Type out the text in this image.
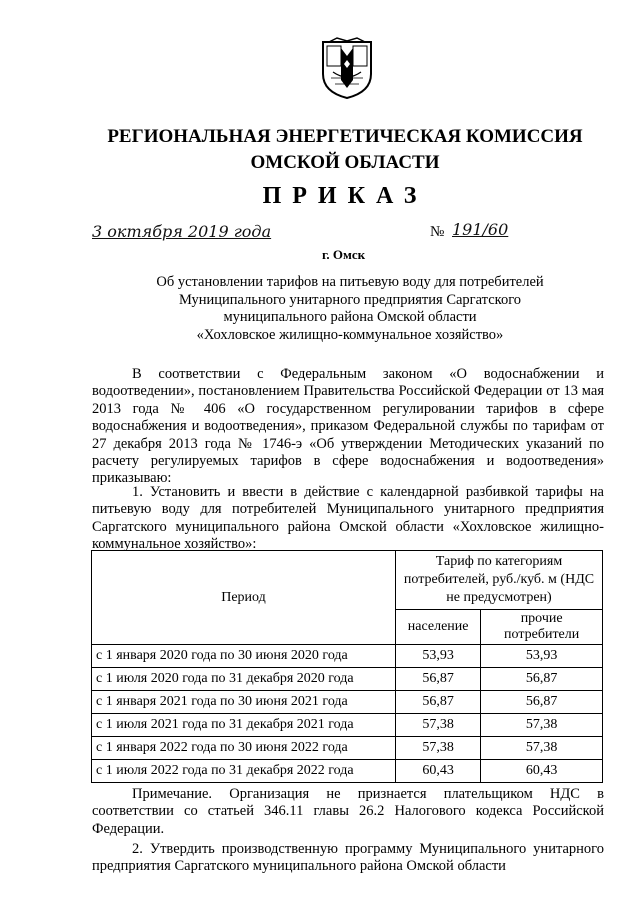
РЕГИОНАЛЬНАЯ ЭНЕРГЕТИЧЕСКАЯ КОМИССИЯ
ОМСКОЙ ОБЛАСТИ
ПРИКАЗ
3 октября 2019 года	№ 191/60
г. Омск
Об установлении тарифов на питьевую воду для потребителей
Муниципального унитарного предприятия Саргатского
муниципального района Омской области
«Хохловское жилищно-коммунальное хозяйство»
В соответствии с Федеральным законом «О водоснабжении и водоотведении», постановлением Правительства Российской Федерации от 13 мая 2013 года № 406 «О государственном регулировании тарифов в сфере водоснабжения и водоотведения», приказом Федеральной службы по тарифам от 27 декабря 2013 года № 1746-э «Об утверждении Методических указаний по расчету регулируемых тарифов в сфере водоснабжения и водоотведения» приказываю:
1. Установить и ввести в действие с календарной разбивкой тарифы на питьевую воду для потребителей Муниципального унитарного предприятия Саргатского муниципального района Омской области «Хохловское жилищно-коммунальное хозяйство»:
Период	Тариф по категориям потребителей, руб./куб. м (НДС не предусмотрен)	
	население	прочие потребители
с 1 января 2020 года по 30 июня 2020 года	53,93	53,93
с 1 июля 2020 года по 31 декабря 2020 года	56,87	56,87
с 1 января 2021 года по 30 июня 2021 года	56,87	56,87
с 1 июля 2021 года по 31 декабря 2021 года	57,38	57,38
с 1 января 2022 года по 30 июня 2022 года	57,38	57,38
с 1 июля 2022 года по 31 декабря 2022 года	60,43	60,43
Примечание. Организация не признается плательщиком НДС в соответствии со статьей 346.11 главы 26.2 Налогового кодекса Российской Федерации.
2. Утвердить производственную программу Муниципального унитарного предприятия Саргатского муниципального района Омской области
